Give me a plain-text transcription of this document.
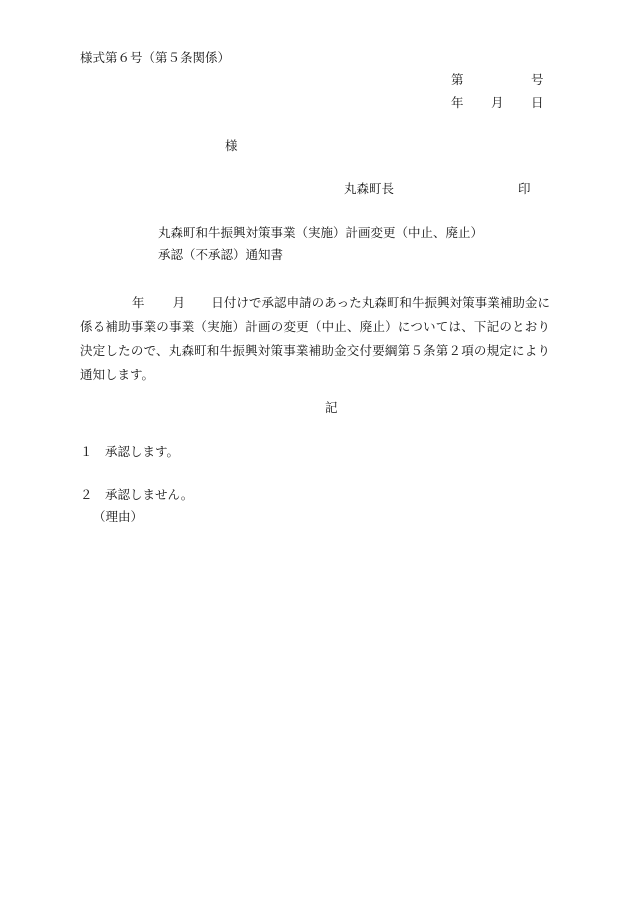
様式第６号（第５条関係）
第	号
年 月 日
様
丸森町長	印
丸森町和牛振興対策事業（実施）計画変更（中止、廃止）
承認（不承認）通知書
年 月 日付けで承認申請のあった丸森町和牛振興対策事業補助金に係る補助事業の事業（実施）計画の変更（中止、廃止）については、下記のとおり決定したので、丸森町和牛振興対策事業補助金交付要綱第５条第２項の規定により通知します。
記
１ 承認します。
２ 承認しません。
（理由）
